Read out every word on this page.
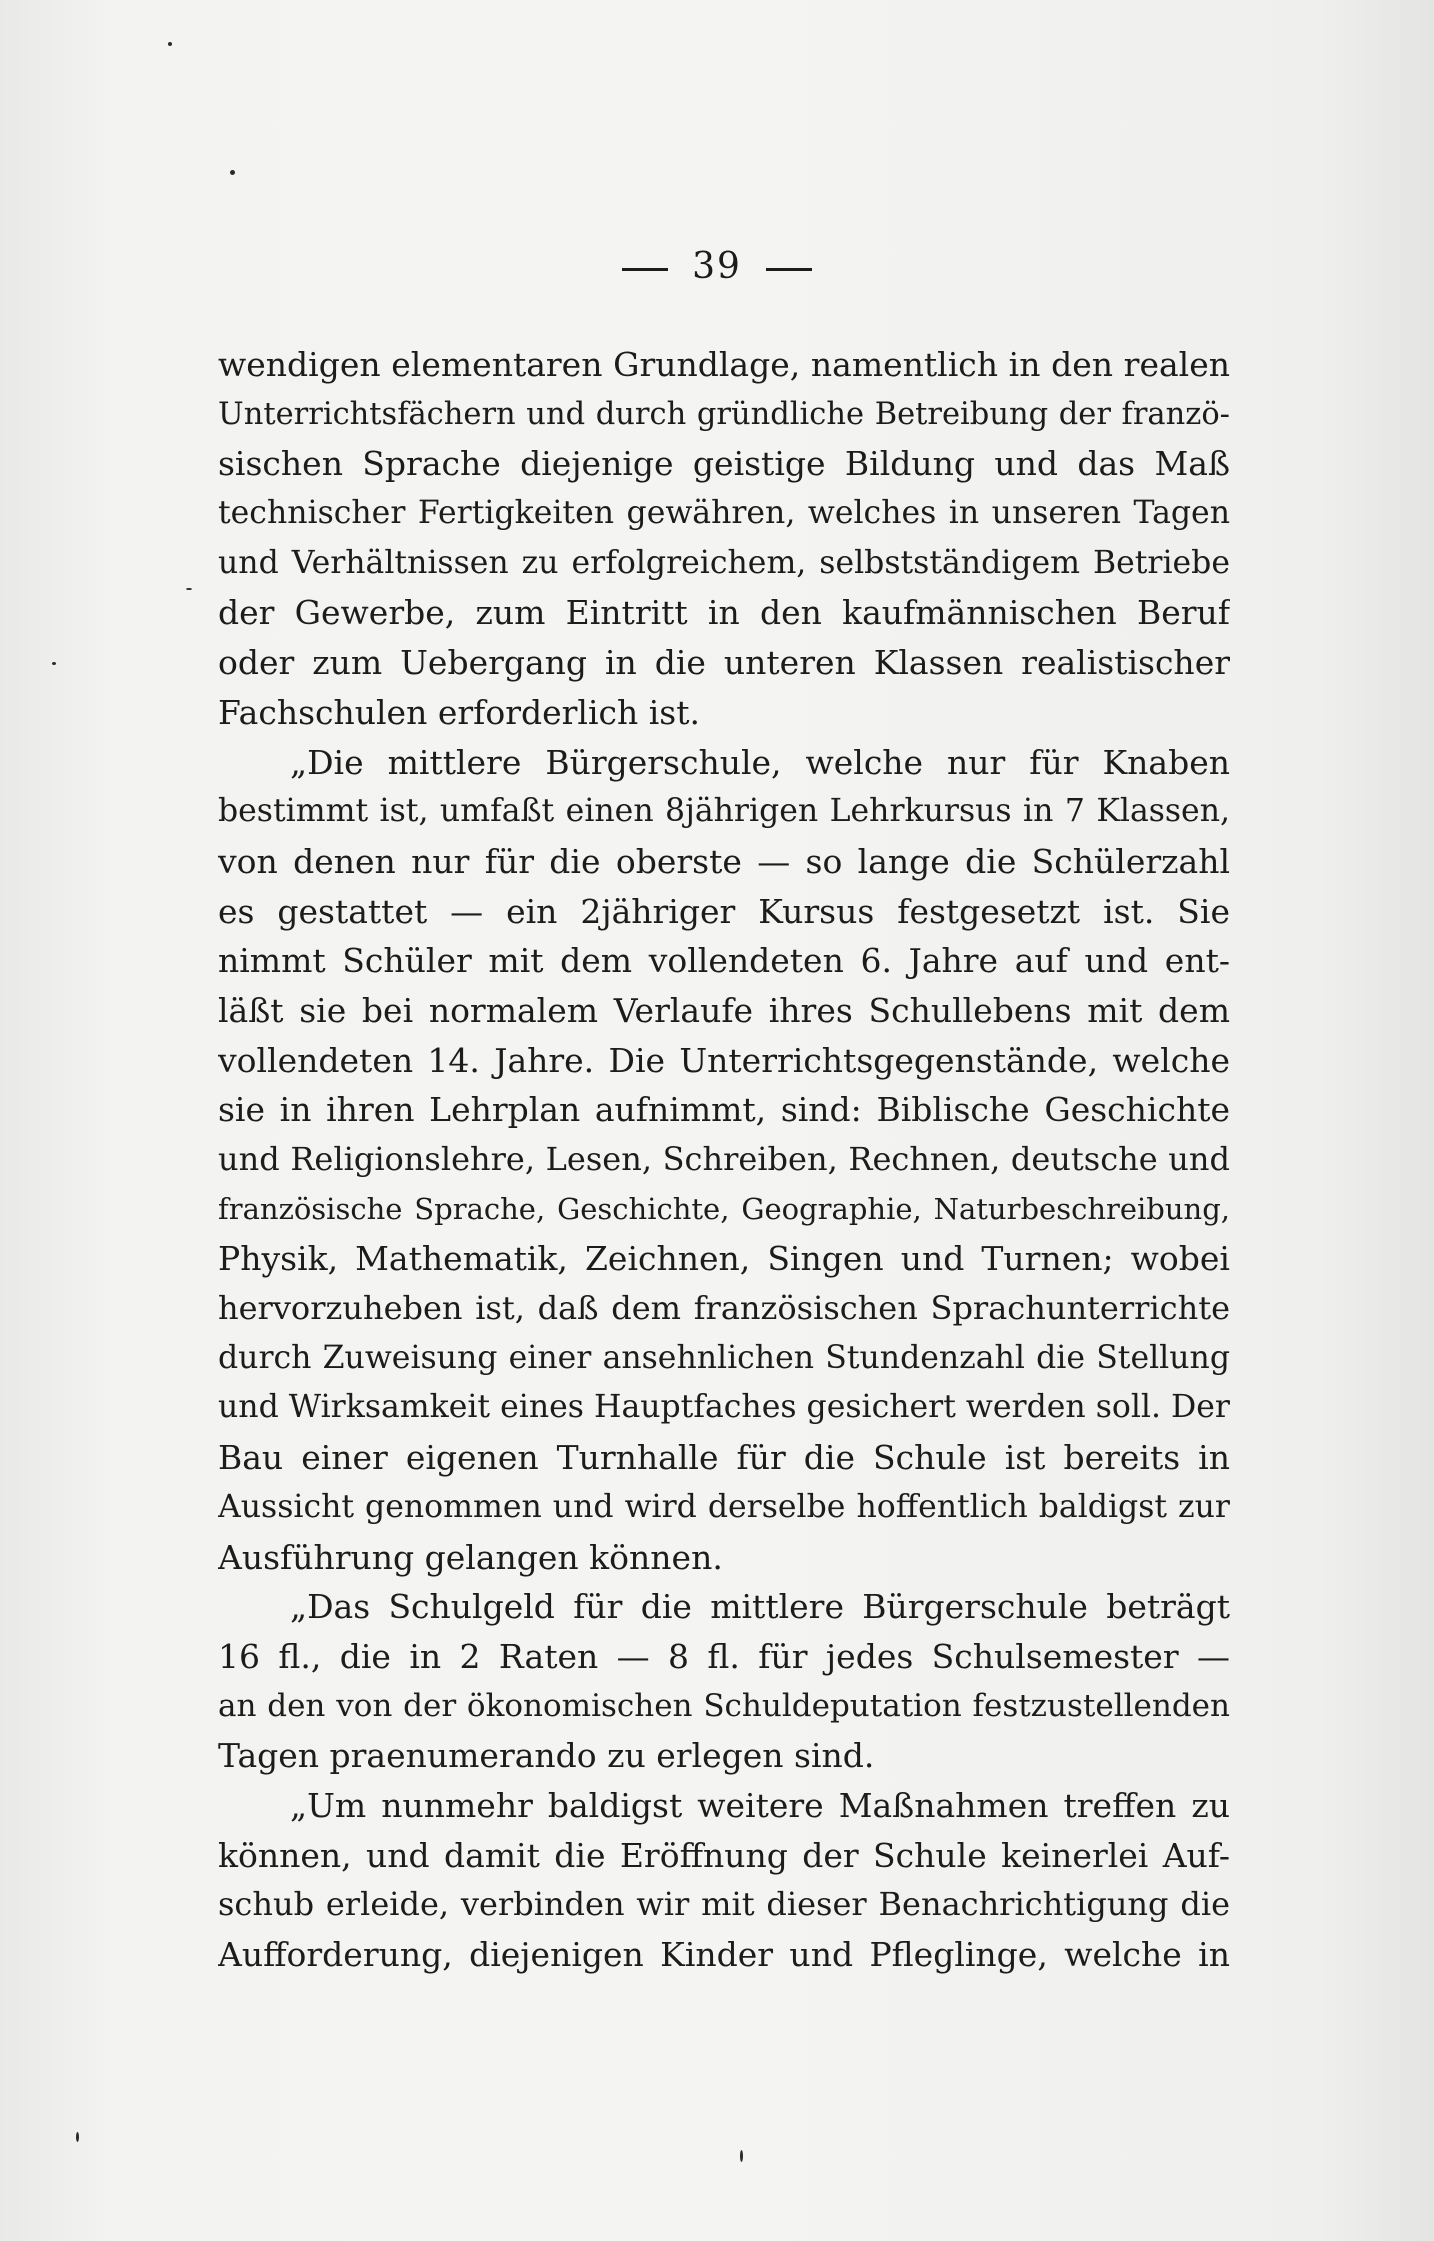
39
wendigen elementaren Grundlage, namentlich in den realen
Unterrichtsfächern und durch gründliche Betreibung der franzö-
sischen Sprache diejenige geistige Bildung und das Maß
technischer Fertigkeiten gewähren, welches in unseren Tagen
und Verhältnissen zu erfolgreichem, selbstständigem Betriebe
der Gewerbe, zum Eintritt in den kaufmännischen Beruf
oder zum Uebergang in die unteren Klassen realistischer
Fachschulen erforderlich ist.
„Die mittlere Bürgerschule, welche nur für Knaben
bestimmt ist, umfaßt einen 8jährigen Lehrkursus in 7 Klassen,
von denen nur für die oberste — so lange die Schülerzahl
es gestattet — ein 2jähriger Kursus festgesetzt ist. Sie
nimmt Schüler mit dem vollendeten 6. Jahre auf und ent-
läßt sie bei normalem Verlaufe ihres Schullebens mit dem
vollendeten 14. Jahre. Die Unterrichtsgegenstände, welche
sie in ihren Lehrplan aufnimmt, sind: Biblische Geschichte
und Religionslehre, Lesen, Schreiben, Rechnen, deutsche und
französische Sprache, Geschichte, Geographie, Naturbeschreibung,
Physik, Mathematik, Zeichnen, Singen und Turnen; wobei
hervorzuheben ist, daß dem französischen Sprachunterrichte
durch Zuweisung einer ansehnlichen Stundenzahl die Stellung
und Wirksamkeit eines Hauptfaches gesichert werden soll. Der
Bau einer eigenen Turnhalle für die Schule ist bereits in
Aussicht genommen und wird derselbe hoffentlich baldigst zur
Ausführung gelangen können.
„Das Schulgeld für die mittlere Bürgerschule beträgt
16 fl., die in 2 Raten — 8 fl. für jedes Schulsemester —
an den von der ökonomischen Schuldeputation festzustellenden
Tagen praenumerando zu erlegen sind.
„Um nunmehr baldigst weitere Maßnahmen treffen zu
können, und damit die Eröffnung der Schule keinerlei Auf-
schub erleide, verbinden wir mit dieser Benachrichtigung die
Aufforderung, diejenigen Kinder und Pfleglinge, welche in
